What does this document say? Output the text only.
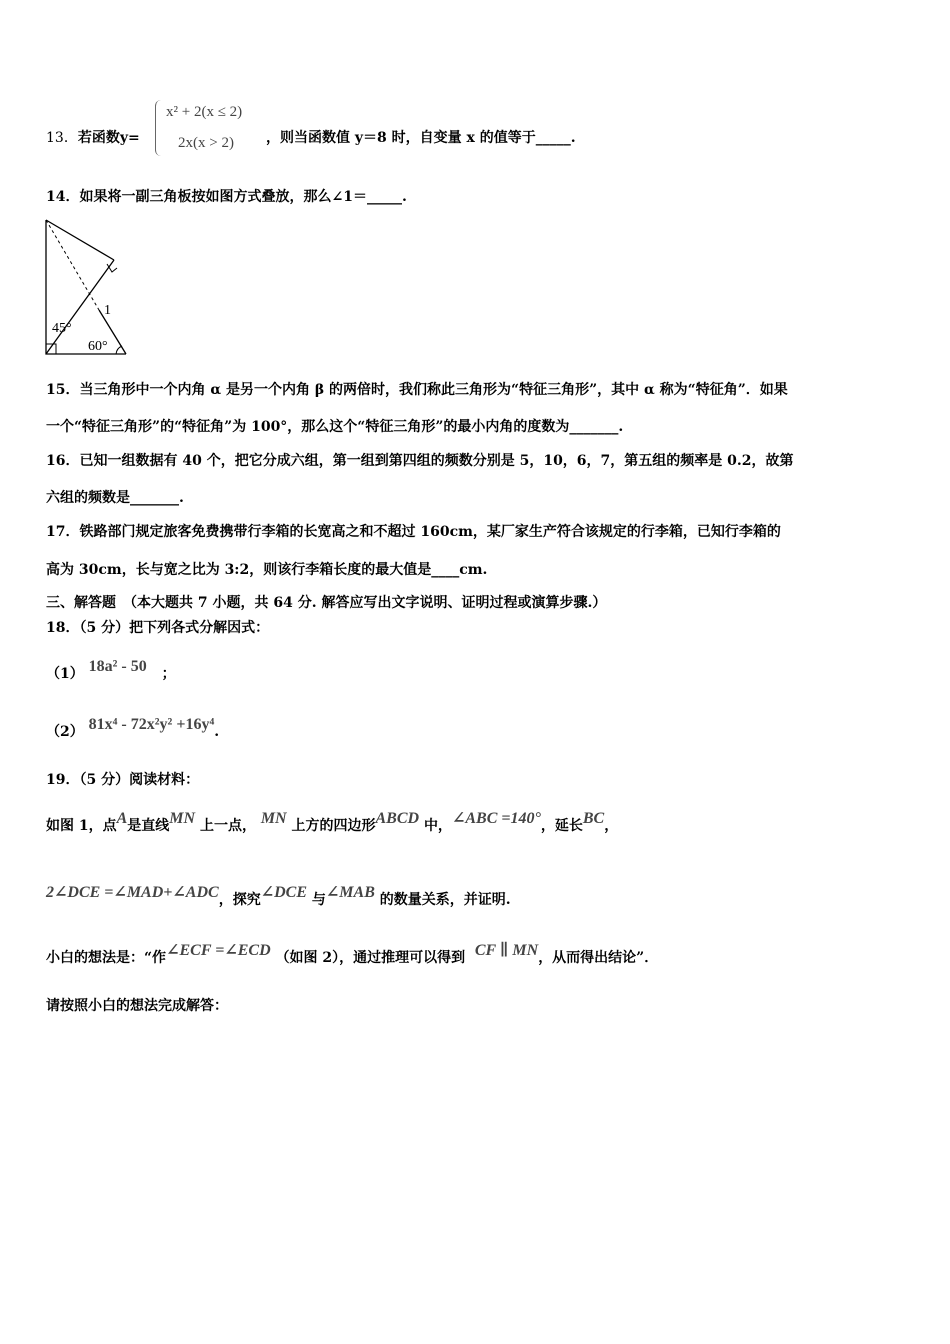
13．若函数y=
x² + 2(x ≤ 2)
2x(x > 2) ，则当函数值 y＝8 时，自变量 x 的值等于_____.
14．如果将一副三角板按如图方式叠放，那么∠1＝_____.
45°
60°
1
15．当三角形中一个内角 α 是另一个内角 β 的两倍时，我们称此三角形为“特征三角形”，其中 α 称为“特征角”．如果
一个“特征三角形”的“特征角”为 100°，那么这个“特征三角形”的最小内角的度数为_______.
16．已知一组数据有 40 个，把它分成六组，第一组到第四组的频数分别是 5，10，6，7，第五组的频率是 0.2，故第
六组的频数是_______.
17．铁路部门规定旅客免费携带行李箱的长宽高之和不超过 160cm，某厂家生产符合该规定的行李箱，已知行李箱的
高为 30cm，长与宽之比为 3:2，则该行李箱长度的最大值是____cm.
三、解答题　（本大题共 7 小题，共 64 分. 解答应写出文字说明、证明过程或演算步骤.）
18．（5 分）把下列各式分解因式：
（1） 18a² - 50 ；
（2） 81x⁴ - 72x²y² +16y⁴.
19．（5 分）阅读材料：
如图 1，点A是直线MN 上一点， MN 上方的四边形ABCD 中，∠ABC =140°，延长BC，
2∠DCE =∠MAD+∠ADC，探究∠DCE 与∠MAB 的数量关系，并证明.
小白的想法是：“作∠ECF =∠ECD （如图 2），通过推理可以得到 CF ∥ MN，从而得出结论”．
请按照小白的想法完成解答：
